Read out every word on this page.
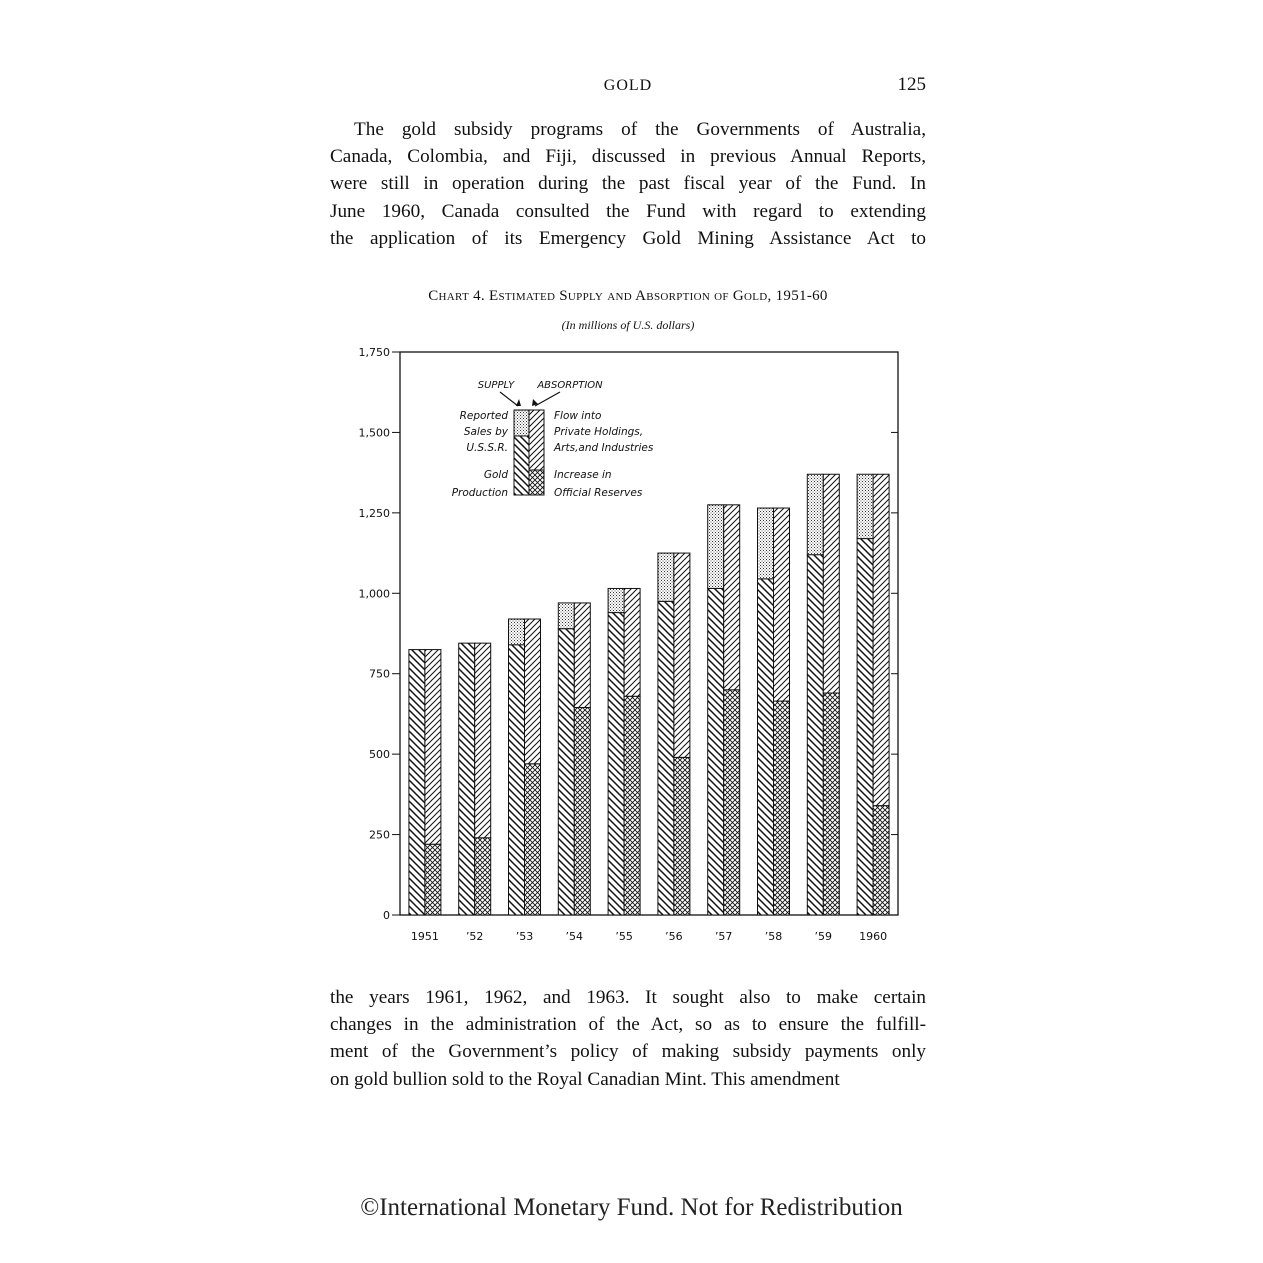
GOLD	125
The gold subsidy programs of the Governments of Australia,
Canada, Colombia, and Fiji, discussed in previous Annual Reports,
were still in operation during the past fiscal year of the Fund. In
June 1960, Canada consulted the Fund with regard to extending
the application of its Emergency Gold Mining Assistance Act to
Chart 4. Estimated Supply and Absorption of Gold, 1951-60
(In millions of U.S. dollars)
0
250
500
750
1,000
1,250
1,500
1,750
1951 ’52	’53	’54	’55	’56	’57	’58	’59 1960
SUPPLY ABSORPTION
Reported
Sales by
U.S.S.R.
Gold
Production
Flow into
Private Holdings,
Arts,and Industries
Increase in
Official Reserves
the years 1961, 1962, and 1963. It sought also to make certain
changes in the administration of the Act, so as to ensure the fulfill-
ment of the Government’s policy of making subsidy payments only
on gold bullion sold to the Royal Canadian Mint. This amendment
©International Monetary Fund. Not for Redistribution
